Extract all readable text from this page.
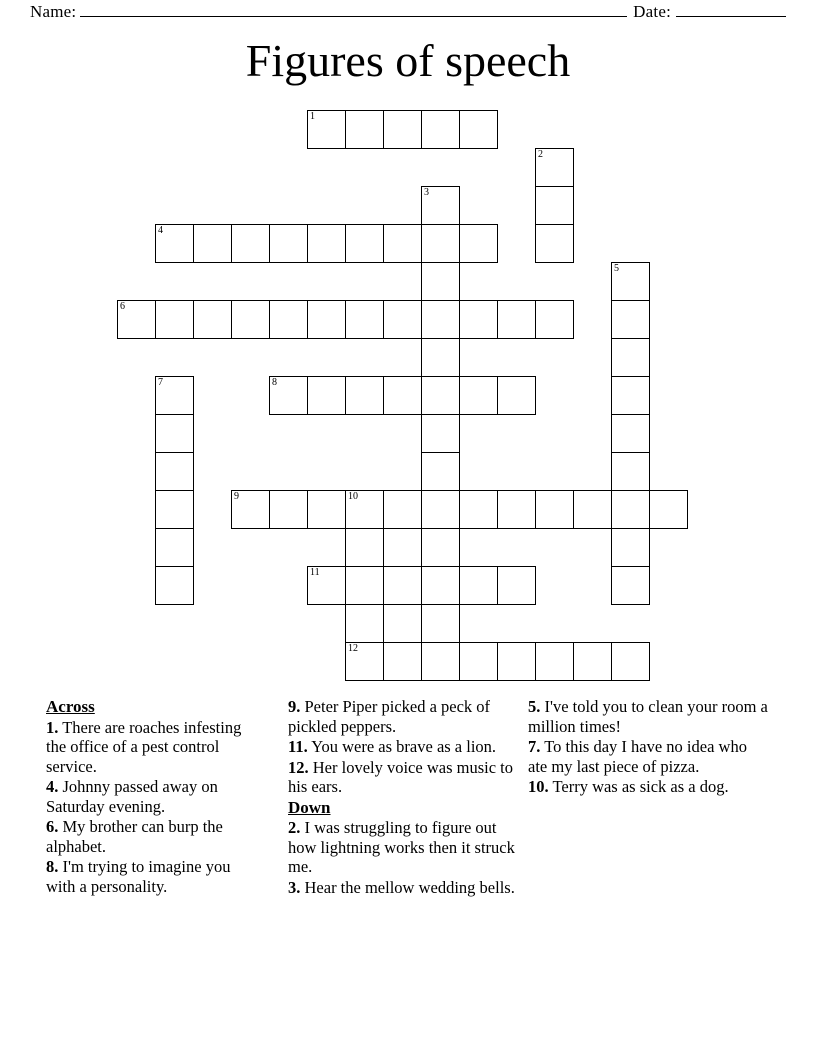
Name:	Date:
Figures of speech
1
2
9	10
11
12
3
4
5
6
7	8
Across
1. There are roaches infesting the office of a pest control service.
4. Johnny passed away on Saturday evening.
6. My brother can burp the alphabet.
8. I'm trying to imagine you with a personality.
9. Peter Piper picked a peck of pickled peppers.
11. You were as brave as a lion.
12. Her lovely voice was music to his ears.
Down
2. I was struggling to figure out how lightning works then it struck me.
3. Hear the mellow wedding bells.
5. I've told you to clean your room a million times!
7. To this day I have no idea who ate my last piece of pizza.
10. Terry was as sick as a dog.
